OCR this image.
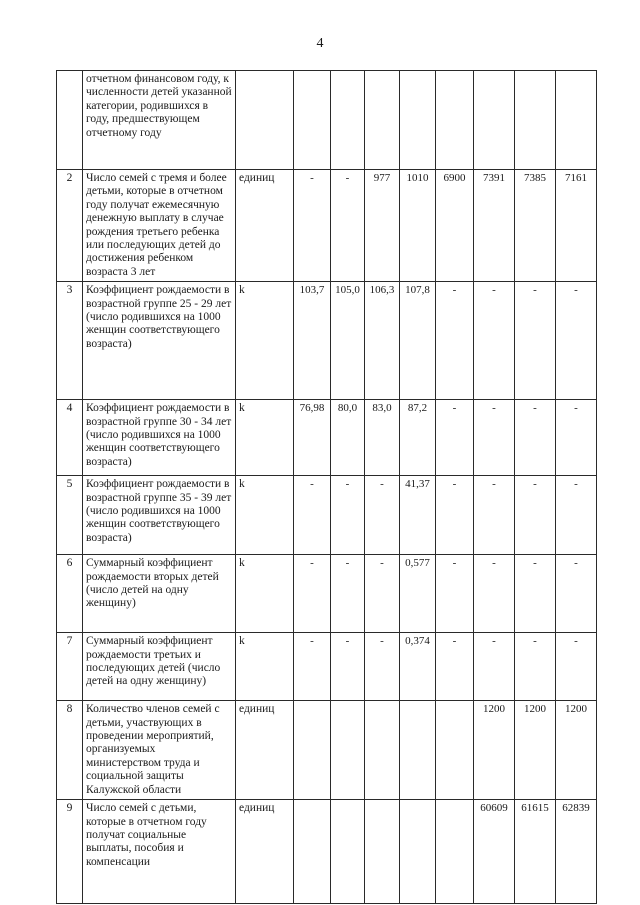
4
	отчетном финансовом году, к численности детей указанной категории, родившихся в году, предшествующем отчетному году									
2	Число семей с тремя и более детьми, которые в отчетном году получат ежемесячную денежную выплату в случае рождения третьего ребенка или последующих детей до достижения ребенком возраста 3 лет	единиц	-	-	977	1010	6900	7391	7385	7161
3	Коэффициент рождаемости в возрастной группе 25 - 29 лет (число родившихся на 1000 женщин соответствующего возраста)	k	103,7	105,0	106,3	107,8	-	-	-	-
4	Коэффициент рождаемости в возрастной группе 30 - 34 лет (число родившихся на 1000 женщин соответствующего возраста)	k	76,98	80,0	83,0	87,2	-	-	-	-
5	Коэффициент рождаемости в возрастной группе 35 - 39 лет (число родившихся на 1000 женщин соответствующего возраста)	k	-	-	-	41,37	-	-	-	-
6	Суммарный коэффициент рождаемости вторых детей (число детей на одну женщину)	k	-	-	-	0,577	-	-	-	-
7	Суммарный коэффициент рождаемости третьих и последующих детей (число детей на одну женщину)	k	-	-	-	0,374	-	-	-	-
8	Количество членов семей с детьми, участвующих в проведении мероприятий, организуемых министерством труда и социальной защиты Калужской области	единиц						1200	1200	1200
9	Число семей с детьми, которые в отчетном году получат социальные выплаты, пособия и компенсации	единиц						60609	61615	62839
